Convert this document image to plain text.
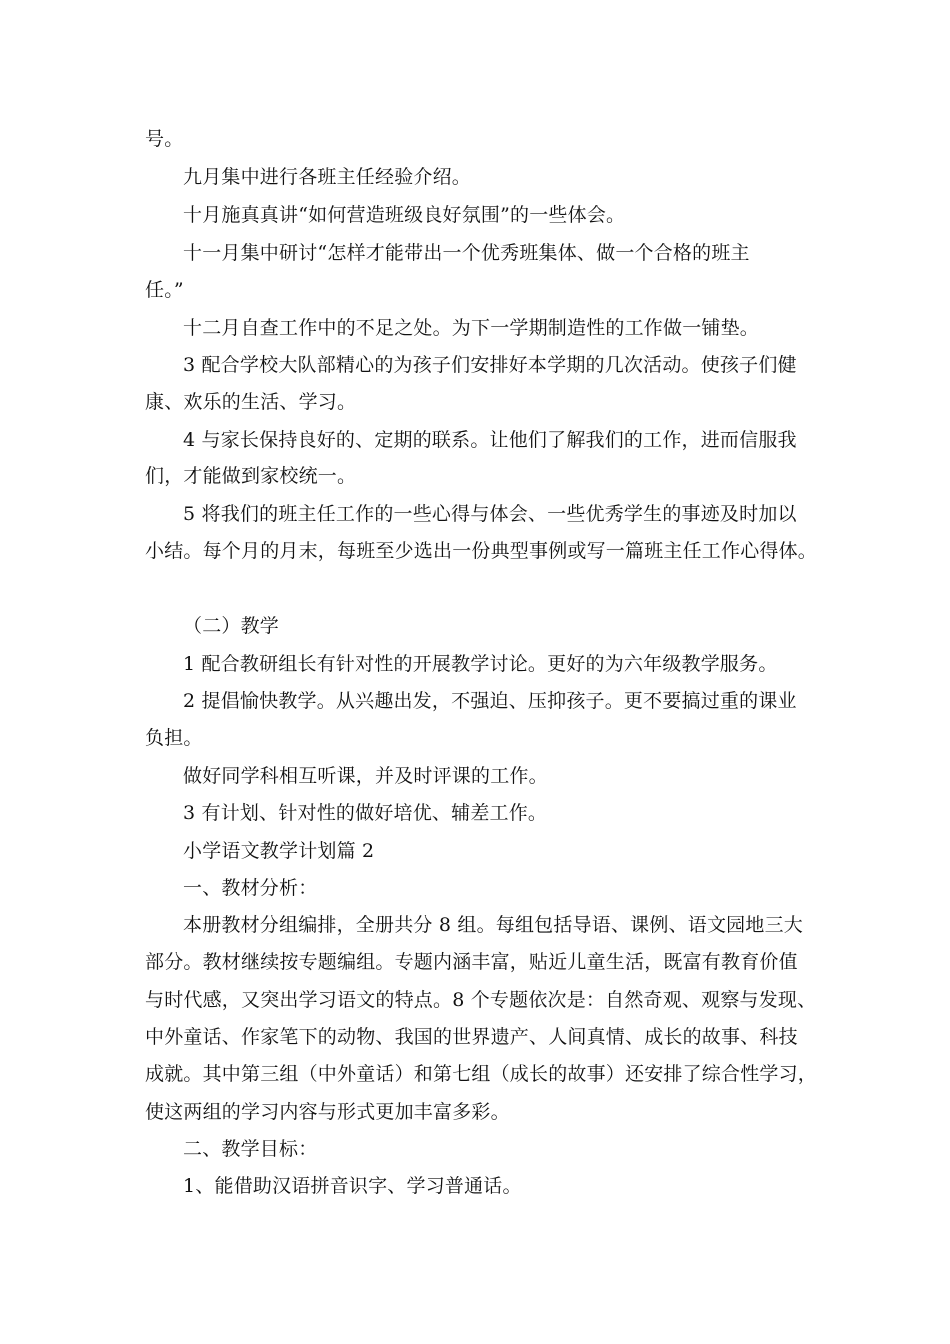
号。
九月集中进行各班主任经验介绍。
十月施真真讲“如何营造班级良好氛围”的一些体会。
十一月集中研讨“怎样才能带出一个优秀班集体、做一个合格的班主
任。”
十二月自查工作中的不足之处。为下一学期制造性的工作做一铺垫。
3 配合学校大队部精心的为孩子们安排好本学期的几次活动。使孩子们健
康、欢乐的生活、学习。
4 与家长保持良好的、定期的联系。让他们了解我们的工作，进而信服我
们，才能做到家校统一。
5 将我们的班主任工作的一些心得与体会、一些优秀学生的事迹及时加以
小结。每个月的月末，每班至少选出一份典型事例或写一篇班主任工作心得体。
（二）教学
1 配合教研组长有针对性的开展教学讨论。更好的为六年级教学服务。
2 提倡愉快教学。从兴趣出发，不强迫、压抑孩子。更不要搞过重的课业
负担。
做好同学科相互听课，并及时评课的工作。
3 有计划、针对性的做好培优、辅差工作。
小学语文教学计划篇 2
一、教材分析：
本册教材分组编排，全册共分 8 组。每组包括导语、课例、语文园地三大
部分。教材继续按专题编组。专题内涵丰富，贴近儿童生活，既富有教育价值
与时代感，又突出学习语文的特点。8 个专题依次是：自然奇观、观察与发现、
中外童话、作家笔下的动物、我国的世界遗产、人间真情、成长的故事、科技
成就。其中第三组（中外童话）和第七组（成长的故事）还安排了综合性学习，
使这两组的学习内容与形式更加丰富多彩。
二、教学目标：
1、能借助汉语拼音识字、学习普通话。
